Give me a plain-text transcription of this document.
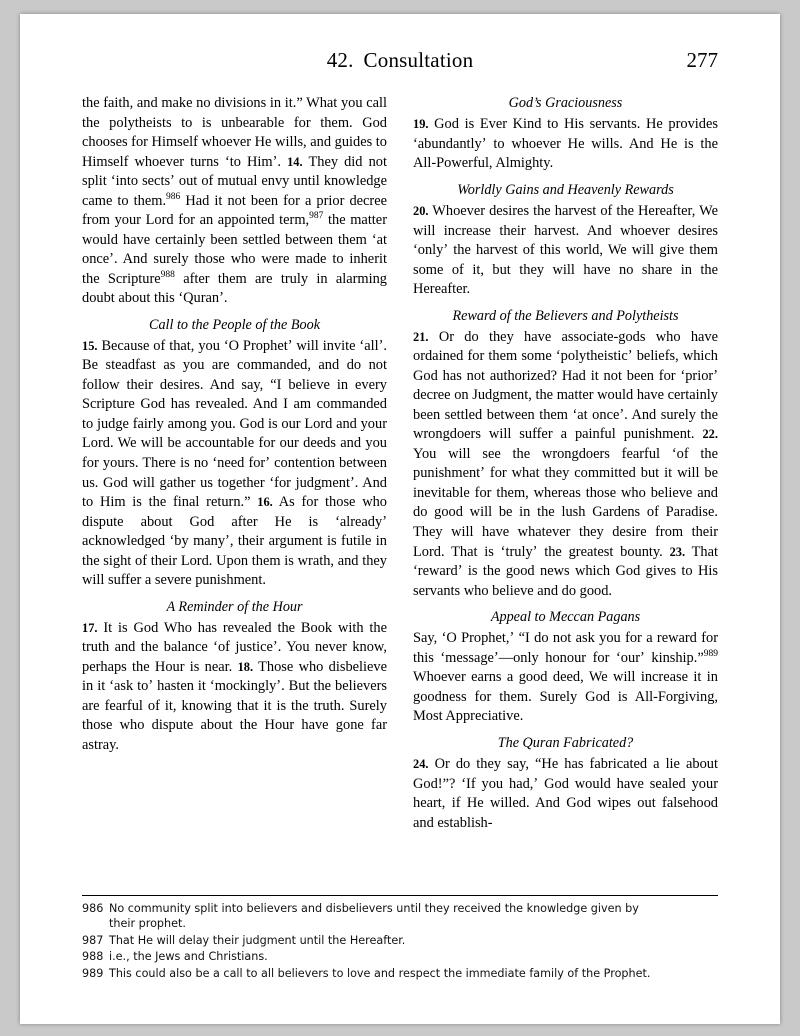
42. Consultation	277

the faith, and make no divisions in it.” What you call the polytheists to is unbearable for them. God chooses for Himself whoever He wills, and guides to Himself whoever turns ʻto Himʼ. 14. They did not split ʻinto sectsʼ out of mutual envy until knowledge came to them.$^{986}$ Had it not been for a prior decree from your Lord for an appointed term,$^{987}$ the matter would have certainly been settled between them ʻat onceʼ. And surely those who were made to inherit the Scripture$^{988}$ after them are truly in alarming doubt about this ʻQuranʼ.

Call to the People of the Book

15. Because of that, you ʻO Prophetʼ will invite ʻallʼ. Be steadfast as you are commanded, and do not follow their desires. And say, “I believe in every Scripture God has revealed. And I am commanded to judge fairly among you. God is our Lord and your Lord. We will be accountable for our deeds and you for yours. There is no ʻneed forʼ contention between us. God will gather us together ʻfor judgmentʼ. And to Him is the final return.” 16. As for those who dispute about God after He is ʻalreadyʼ acknowledged ʻby manyʼ, their argument is futile in the sight of their Lord. Upon them is wrath, and they will suffer a severe punishment.

A Reminder of the Hour

17. It is God Who has revealed the Book with the truth and the balance ʻof justiceʼ. You never know, perhaps the Hour is near. 18. Those who disbelieve in it ʻask toʼ hasten it ʻmockinglyʼ. But the believers are fearful of it, knowing that it is the truth. Surely those who dispute about the Hour have gone far astray.

God’s Graciousness

19. God is Ever Kind to His servants. He provides ʻabundantlyʼ to whoever He wills. And He is the All-Powerful, Almighty.

Worldly Gains and Heavenly Rewards

20. Whoever desires the harvest of the Hereafter, We will increase their harvest. And whoever desires ʻonlyʼ the harvest of this world, We will give them some of it, but they will have no share in the Hereafter.

Reward of the Believers and Polytheists

21. Or do they have associate-gods who have ordained for them some ʻpolytheisticʼ beliefs, which God has not authorized? Had it not been for ʻpriorʼ decree on Judgment, the matter would have certainly been settled between them ʻat onceʼ. And surely the wrongdoers will suffer a painful punishment. 22. You will see the wrongdoers fearful ʻof the punishmentʼ for what they committed but it will be inevitable for them, whereas those who believe and do good will be in the lush Gardens of Paradise. They will have whatever they desire from their Lord. That is ʻtrulyʼ the greatest bounty. 23. That ʻrewardʼ is the good news which God gives to His servants who believe and do good.

Appeal to Meccan Pagans

Say, ʻO Prophet,ʼ “I do not ask you for a reward for this ʻmessageʼ—only honour for ʻourʼ kinship.”$^{989}$ Whoever earns a good deed, We will increase it in goodness for them. Surely God is All-Forgiving, Most Appreciative.

The Quran Fabricated?

24. Or do they say, “He has fabricated a lie about God!”? ʻIf you had,ʼ God would have sealed your heart, if He willed. And God wipes out falsehood and establish-

986 No community split into believers and disbelievers until they received the knowledge given by
their prophet.
987 That He will delay their judgment until the Hereafter.
988 i.e., the Jews and Christians.
989 This could also be a call to all believers to love and respect the immediate family of the Prophet.
